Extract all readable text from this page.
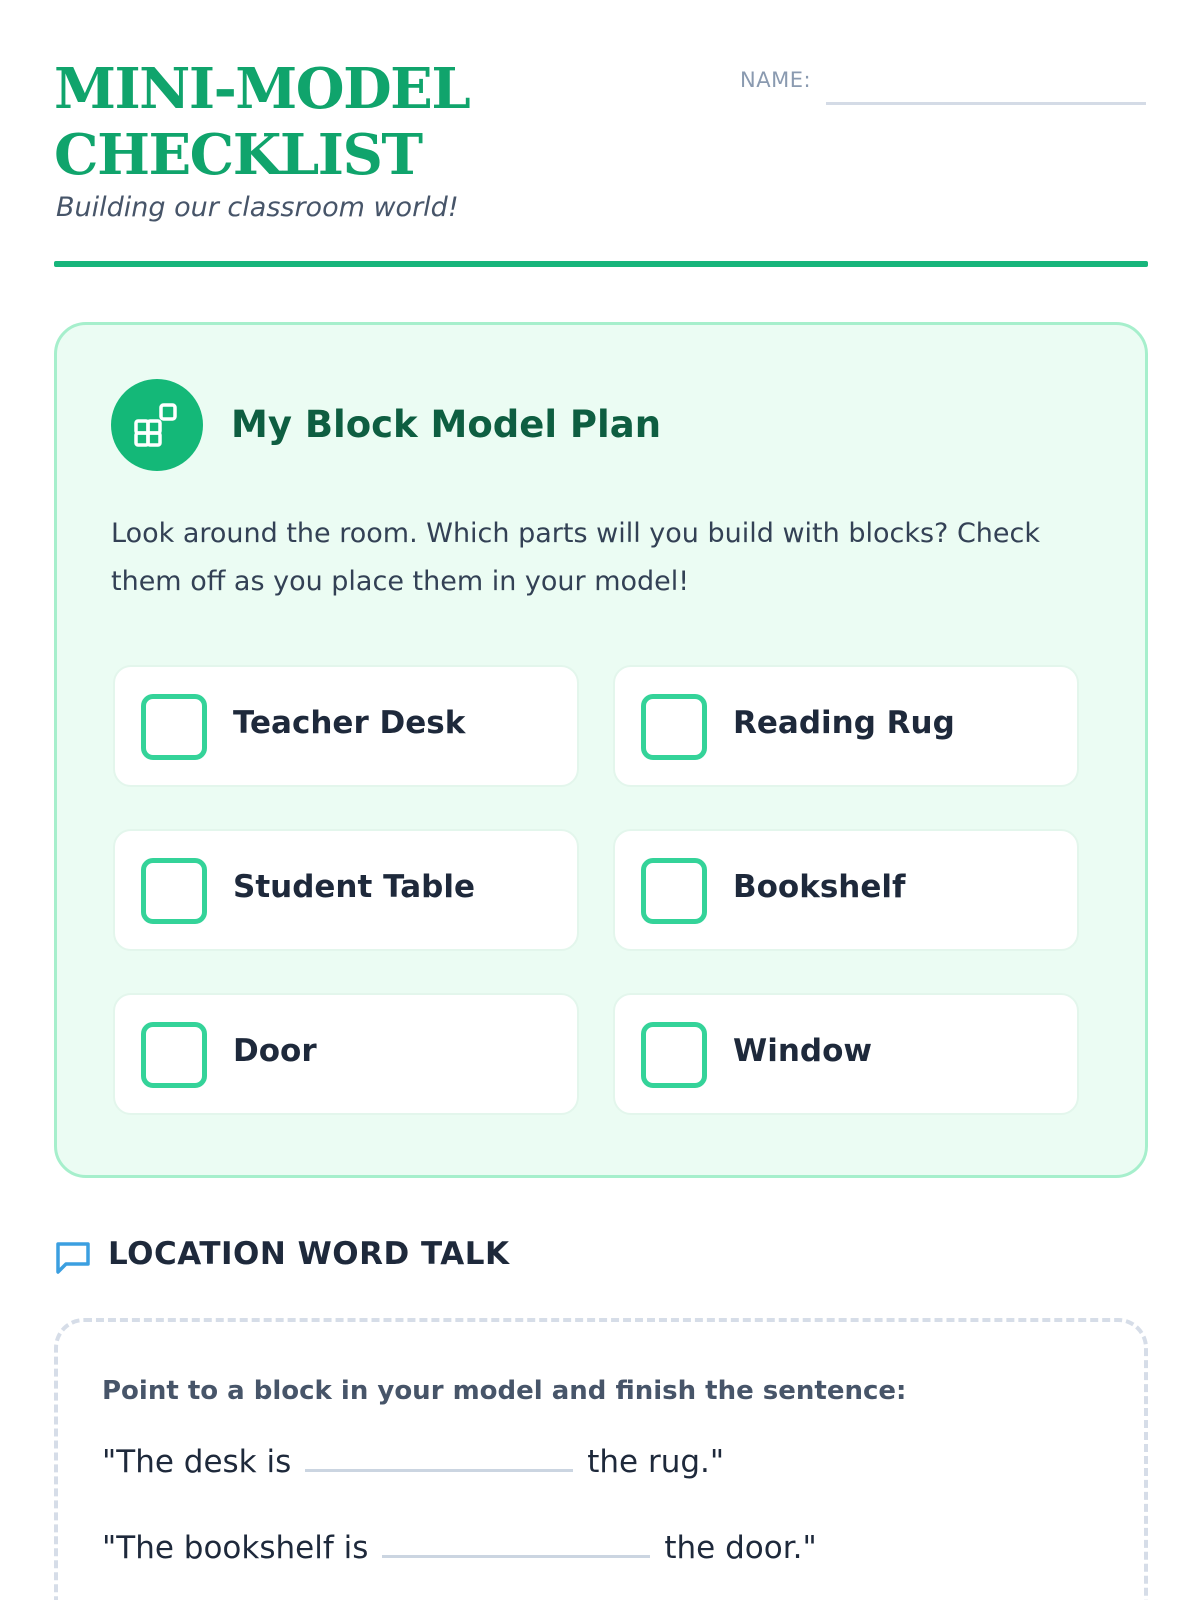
MINI-MODEL CHECKLIST
Building our classroom world!
NAME:
My Block Model Plan
Look around the room. Which parts will you build with blocks? Check them off as you place them in your model!
Teacher Desk	Reading Rug
Student Table	Bookshelf
Door	Window
LOCATION WORD TALK
Point to a block in your model and finish the sentence:
"The desk is	the rug."
"The bookshelf is	the door."
